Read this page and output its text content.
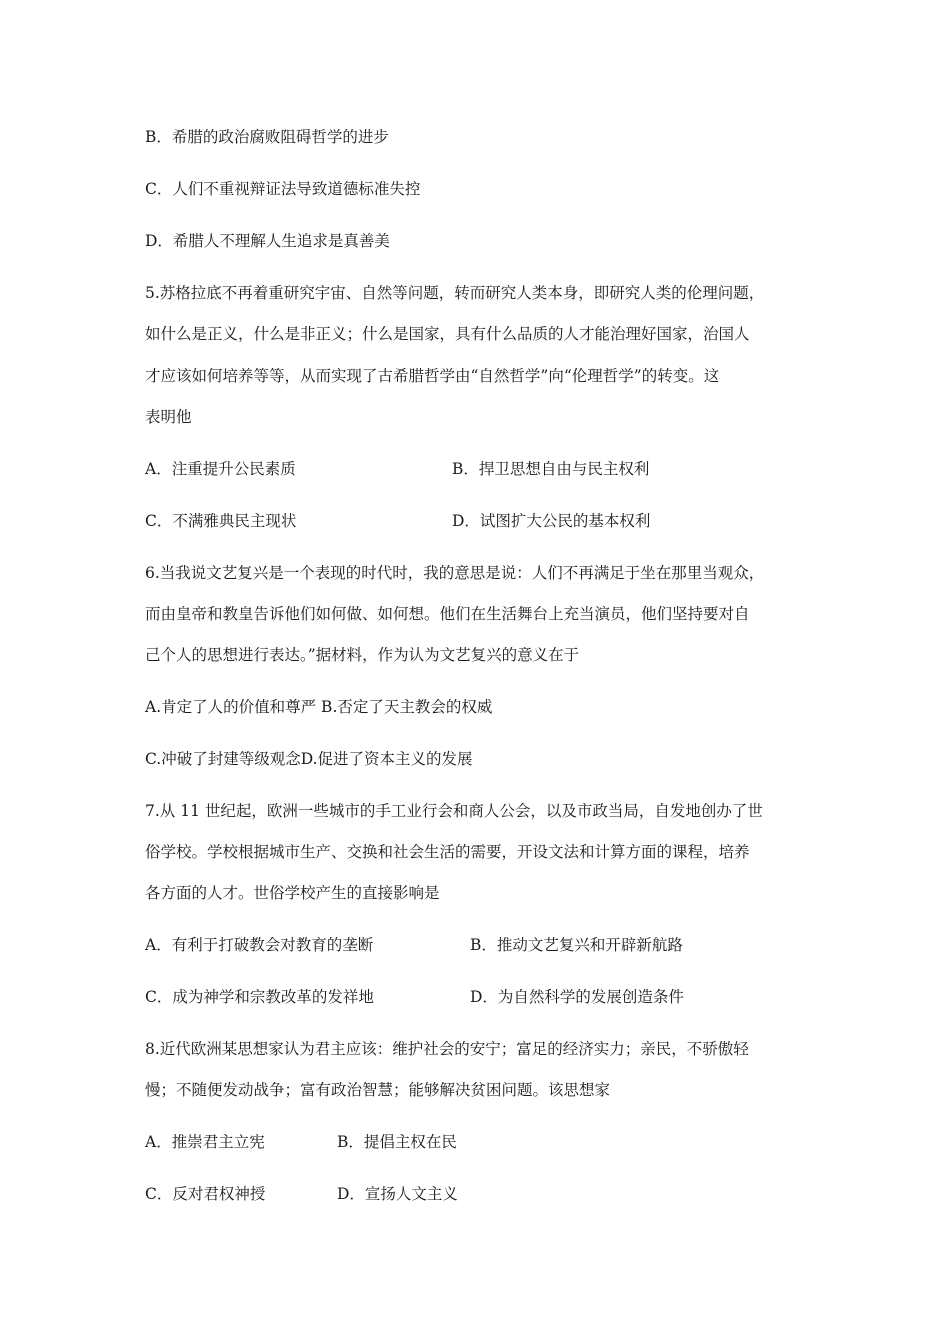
B．希腊的政治腐败阻碍哲学的进步
C．人们不重视辩证法导致道德标准失控
D．希腊人不理解人生追求是真善美
5.苏格拉底不再着重研究宇宙、自然等问题，转而研究人类本身，即研究人类的伦理问题，
如什么是正义，什么是非正义；什么是国家，具有什么品质的人才能治理好国家，治国人
才应该如何培养等等，从而实现了古希腊哲学由“自然哲学”向“伦理哲学”的转变。这
表明他
A．注重提升公民素质	B．捍卫思想自由与民主权利
C．不满雅典民主现状	D．试图扩大公民的基本权利
6.当我说文艺复兴是一个表现的时代时，我的意思是说：人们不再满足于坐在那里当观众，
而由皇帝和教皇告诉他们如何做、如何想。他们在生活舞台上充当演员，他们坚持要对自
己个人的思想进行表达。”据材料，作为认为文艺复兴的意义在于
A.肯定了人的价值和尊严 B.否定了天主教会的权威
C.冲破了封建等级观念D.促进了资本主义的发展
7.从 11 世纪起，欧洲一些城市的手工业行会和商人公会，以及市政当局，自发地创办了世
俗学校。学校根据城市生产、交换和社会生活的需要，开设文法和计算方面的课程，培养
各方面的人才。世俗学校产生的直接影响是
A．有利于打破教会对教育的垄断	B．推动文艺复兴和开辟新航路
C．成为神学和宗教改革的发祥地	D．为自然科学的发展创造条件
8.近代欧洲某思想家认为君主应该：维护社会的安宁；富足的经济实力；亲民，不骄傲轻
慢；不随便发动战争；富有政治智慧；能够解决贫困问题。该思想家
A．推崇君主立宪	B．提倡主权在民
C．反对君权神授	D．宣扬人文主义
